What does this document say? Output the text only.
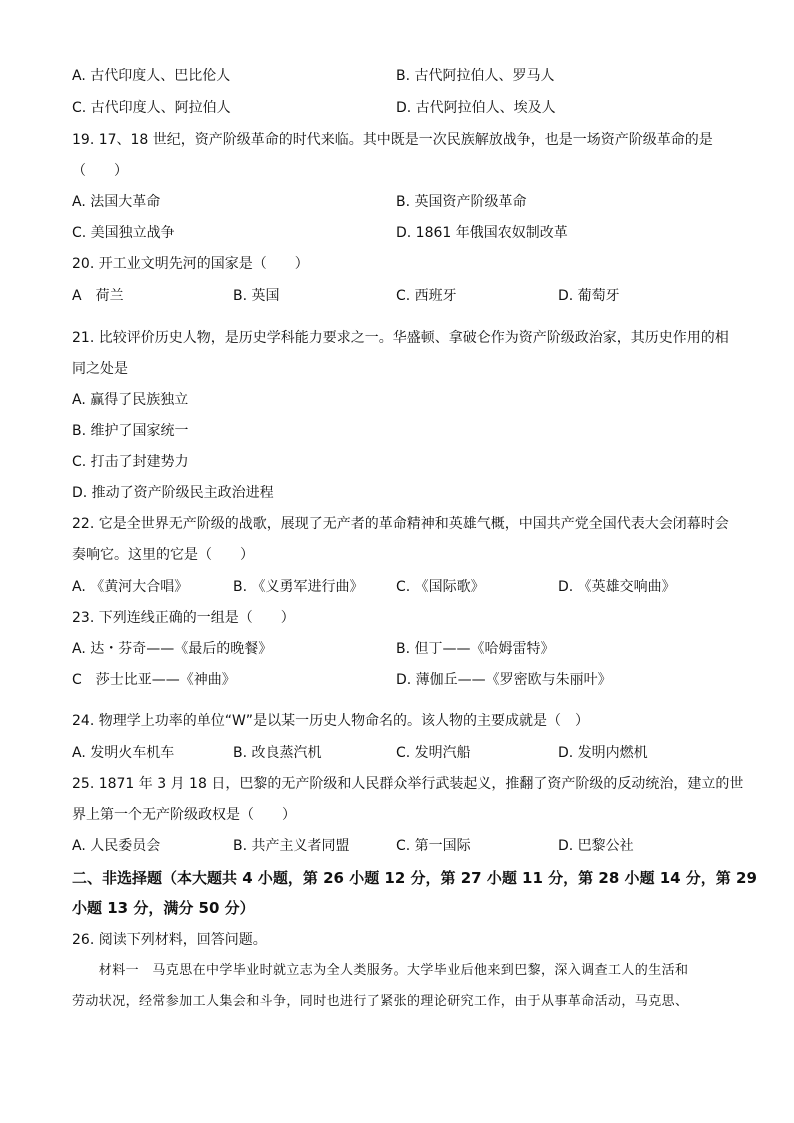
A. 古代印度人、巴比伦人	B. 古代阿拉伯人、罗马人
C. 古代印度人、阿拉伯人	D. 古代阿拉伯人、埃及人
19. 17、18 世纪，资产阶级革命的时代来临。其中既是一次民族解放战争，也是一场资产阶级革命的是
（　　）
A. 法国大革命	B. 英国资产阶级革命
C. 美国独立战争	D. 1861 年俄国农奴制改革
20. 开工业文明先河的国家是（　　）
A　荷兰	B. 英国	C. 西班牙	D. 葡萄牙
21. 比较评价历史人物，是历史学科能力要求之一。华盛顿、拿破仑作为资产阶级政治家，其历史作用的相
同之处是
A. 赢得了民族独立
B. 维护了国家统一
C. 打击了封建势力
D. 推动了资产阶级民主政治进程
22. 它是全世界无产阶级的战歌，展现了无产者的革命精神和英雄气概，中国共产党全国代表大会闭幕时会
奏响它。这里的它是（　　）
A. 《黄河大合唱》	B. 《义勇军进行曲》 C. 《国际歌》	D. 《英雄交响曲》
23. 下列连线正确的一组是（　　）
A. 达・芬奇——《最后的晚餐》	B. 但丁——《哈姆雷特》
C　莎士比亚——《神曲》	D. 薄伽丘——《罗密欧与朱丽叶》
24. 物理学上功率的单位“W”是以某一历史人物命名的。该人物的主要成就是（　）
A. 发明火车机车	B. 改良蒸汽机	C. 发明汽船	D. 发明内燃机
25. 1871 年 3 月 18 日，巴黎的无产阶级和人民群众举行武装起义，推翻了资产阶级的反动统治，建立的世
界上第一个无产阶级政权是（　　）
A. 人民委员会	B. 共产主义者同盟	C. 第一国际	D. 巴黎公社
二、非选择题（本大题共 4 小题，第 26 小题 12 分，第 27 小题 11 分，第 28 小题 14 分，第 29
小题 13 分，满分 50 分）
26. 阅读下列材料，回答问题。
　　材料一　马克思在中学毕业时就立志为全人类服务。大学毕业后他来到巴黎，深入调查工人的生活和
劳动状况，经常参加工人集会和斗争，同时也进行了紧张的理论研究工作，由于从事革命活动，马克思、
